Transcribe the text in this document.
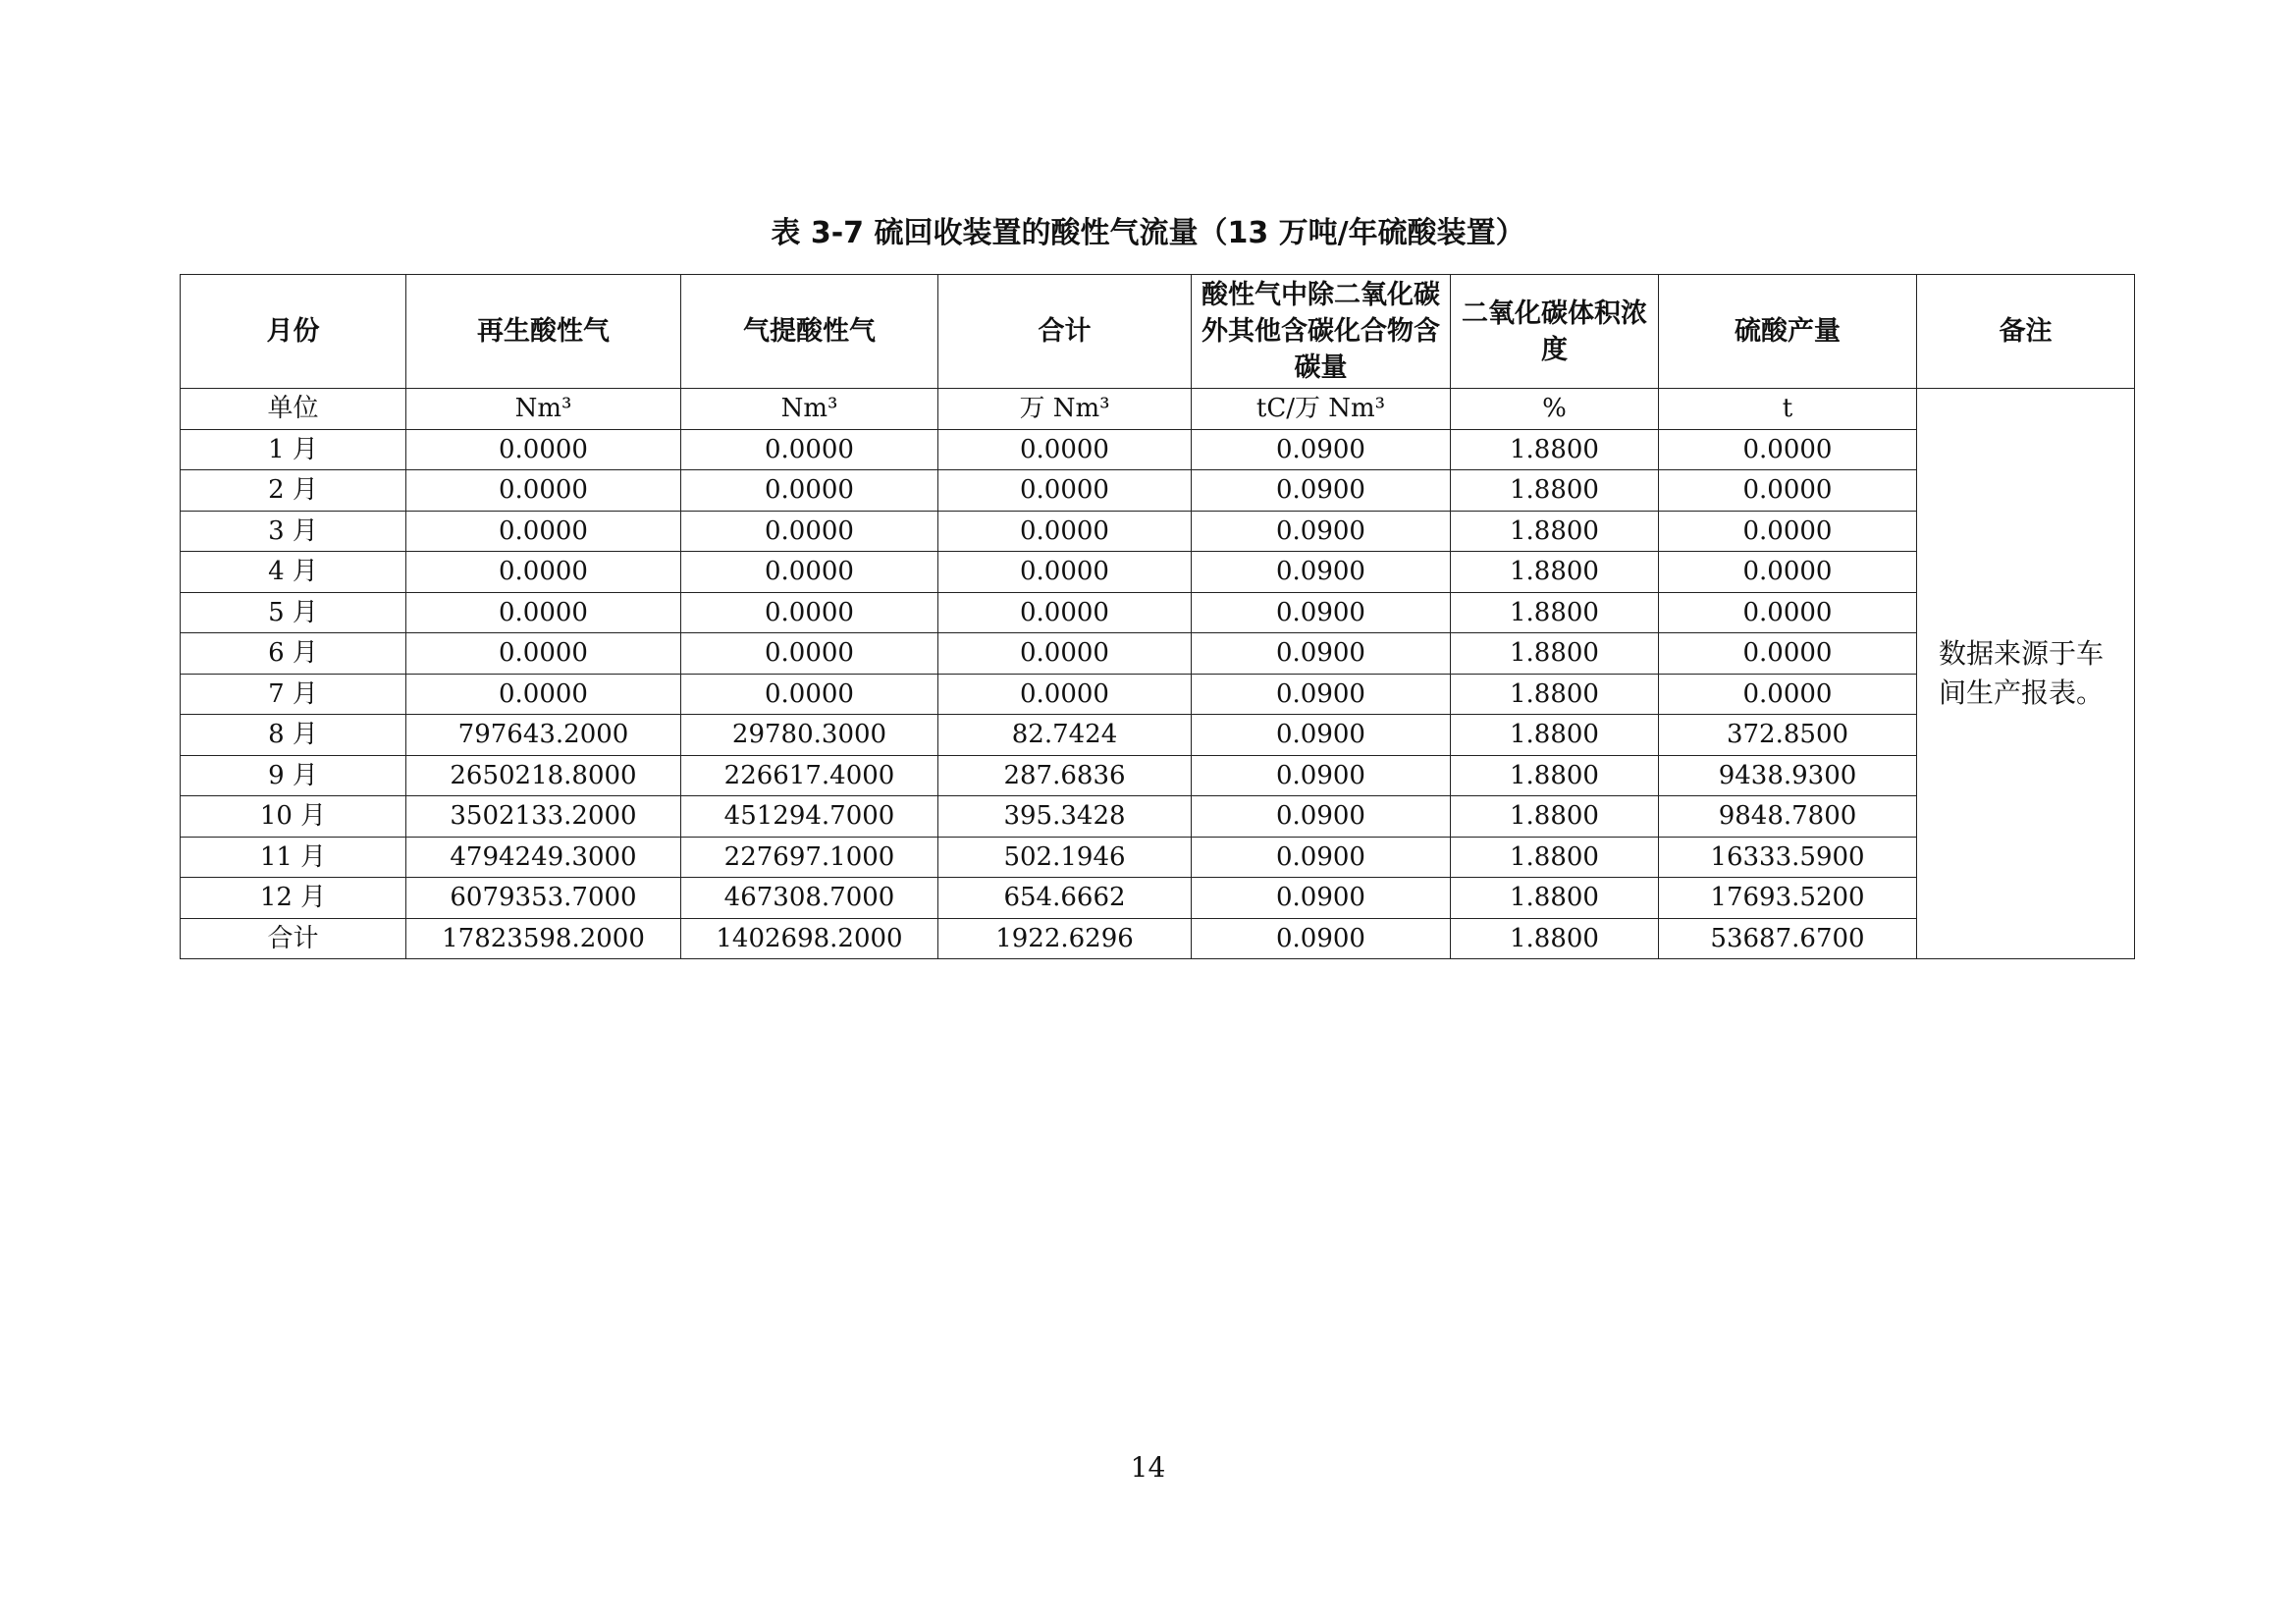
表 3-7 硫回收装置的酸性气流量（13 万吨/年硫酸装置）
月份	再生酸性气	气提酸性气	合计	酸性气中除二氧化碳外其他含碳化合物含碳量	二氧化碳体积浓度	硫酸产量	备注
单位	Nm³	Nm³	万 Nm³	tC/万 Nm³	%	t	数据来源于车间生产报表。
1 月	0.0000	0.0000	0.0000	0.0900	1.8800	0.0000	
2 月	0.0000	0.0000	0.0000	0.0900	1.8800	0.0000	
3 月	0.0000	0.0000	0.0000	0.0900	1.8800	0.0000	
4 月	0.0000	0.0000	0.0000	0.0900	1.8800	0.0000	
5 月	0.0000	0.0000	0.0000	0.0900	1.8800	0.0000	
6 月	0.0000	0.0000	0.0000	0.0900	1.8800	0.0000	
7 月	0.0000	0.0000	0.0000	0.0900	1.8800	0.0000	
8 月	797643.2000	29780.3000	82.7424	0.0900	1.8800	372.8500	
9 月	2650218.8000	226617.4000	287.6836	0.0900	1.8800	9438.9300	
10 月	3502133.2000	451294.7000	395.3428	0.0900	1.8800	9848.7800	
11 月	4794249.3000	227697.1000	502.1946	0.0900	1.8800	16333.5900	
12 月	6079353.7000	467308.7000	654.6662	0.0900	1.8800	17693.5200	
合计	17823598.2000	1402698.2000	1922.6296	0.0900	1.8800	53687.6700	
14
